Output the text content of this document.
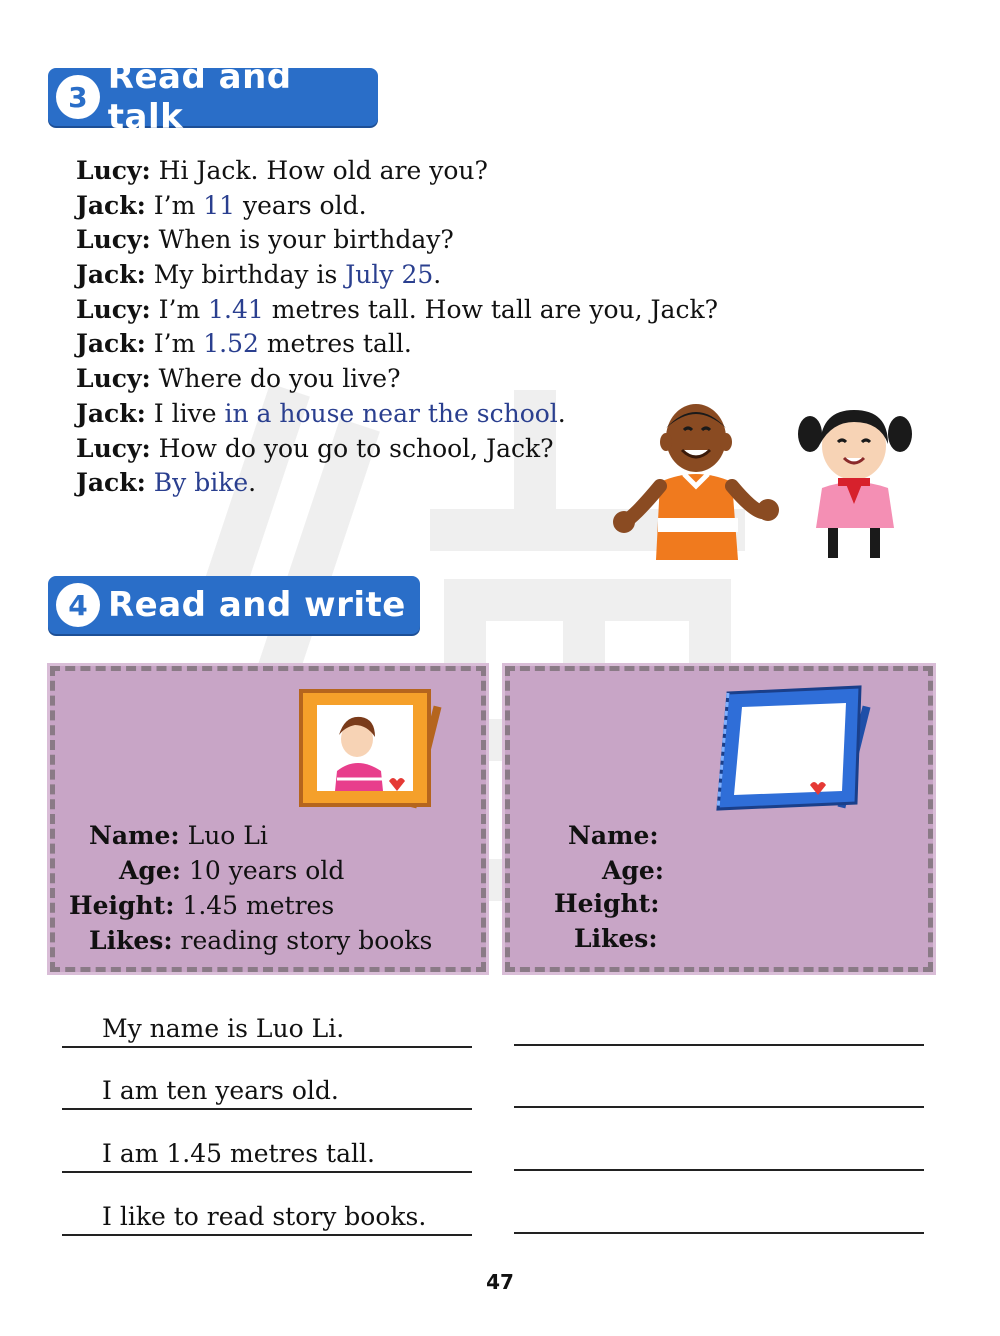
3 Read and talk
Lucy: Hi Jack. How old are you?
Jack: I’m 11 years old.
Lucy: When is your birthday?
Jack: My birthday is July 25.
Lucy: I’m 1.41 metres tall. How tall are you, Jack?
Jack: I’m 1.52 metres tall.
Lucy: Where do you live?
Jack: I live in a house near the school.
Lucy: How do you go to school, Jack?
Jack: By bike.
4 Read and write
Name: Luo Li
Age: 10 years old
Height: 1.45 metres
Likes: reading story books
Name:
Age:
Height:
Likes:
My name is Luo Li.
I am ten years old.
I am 1.45 metres tall.
I like to read story books.
47
